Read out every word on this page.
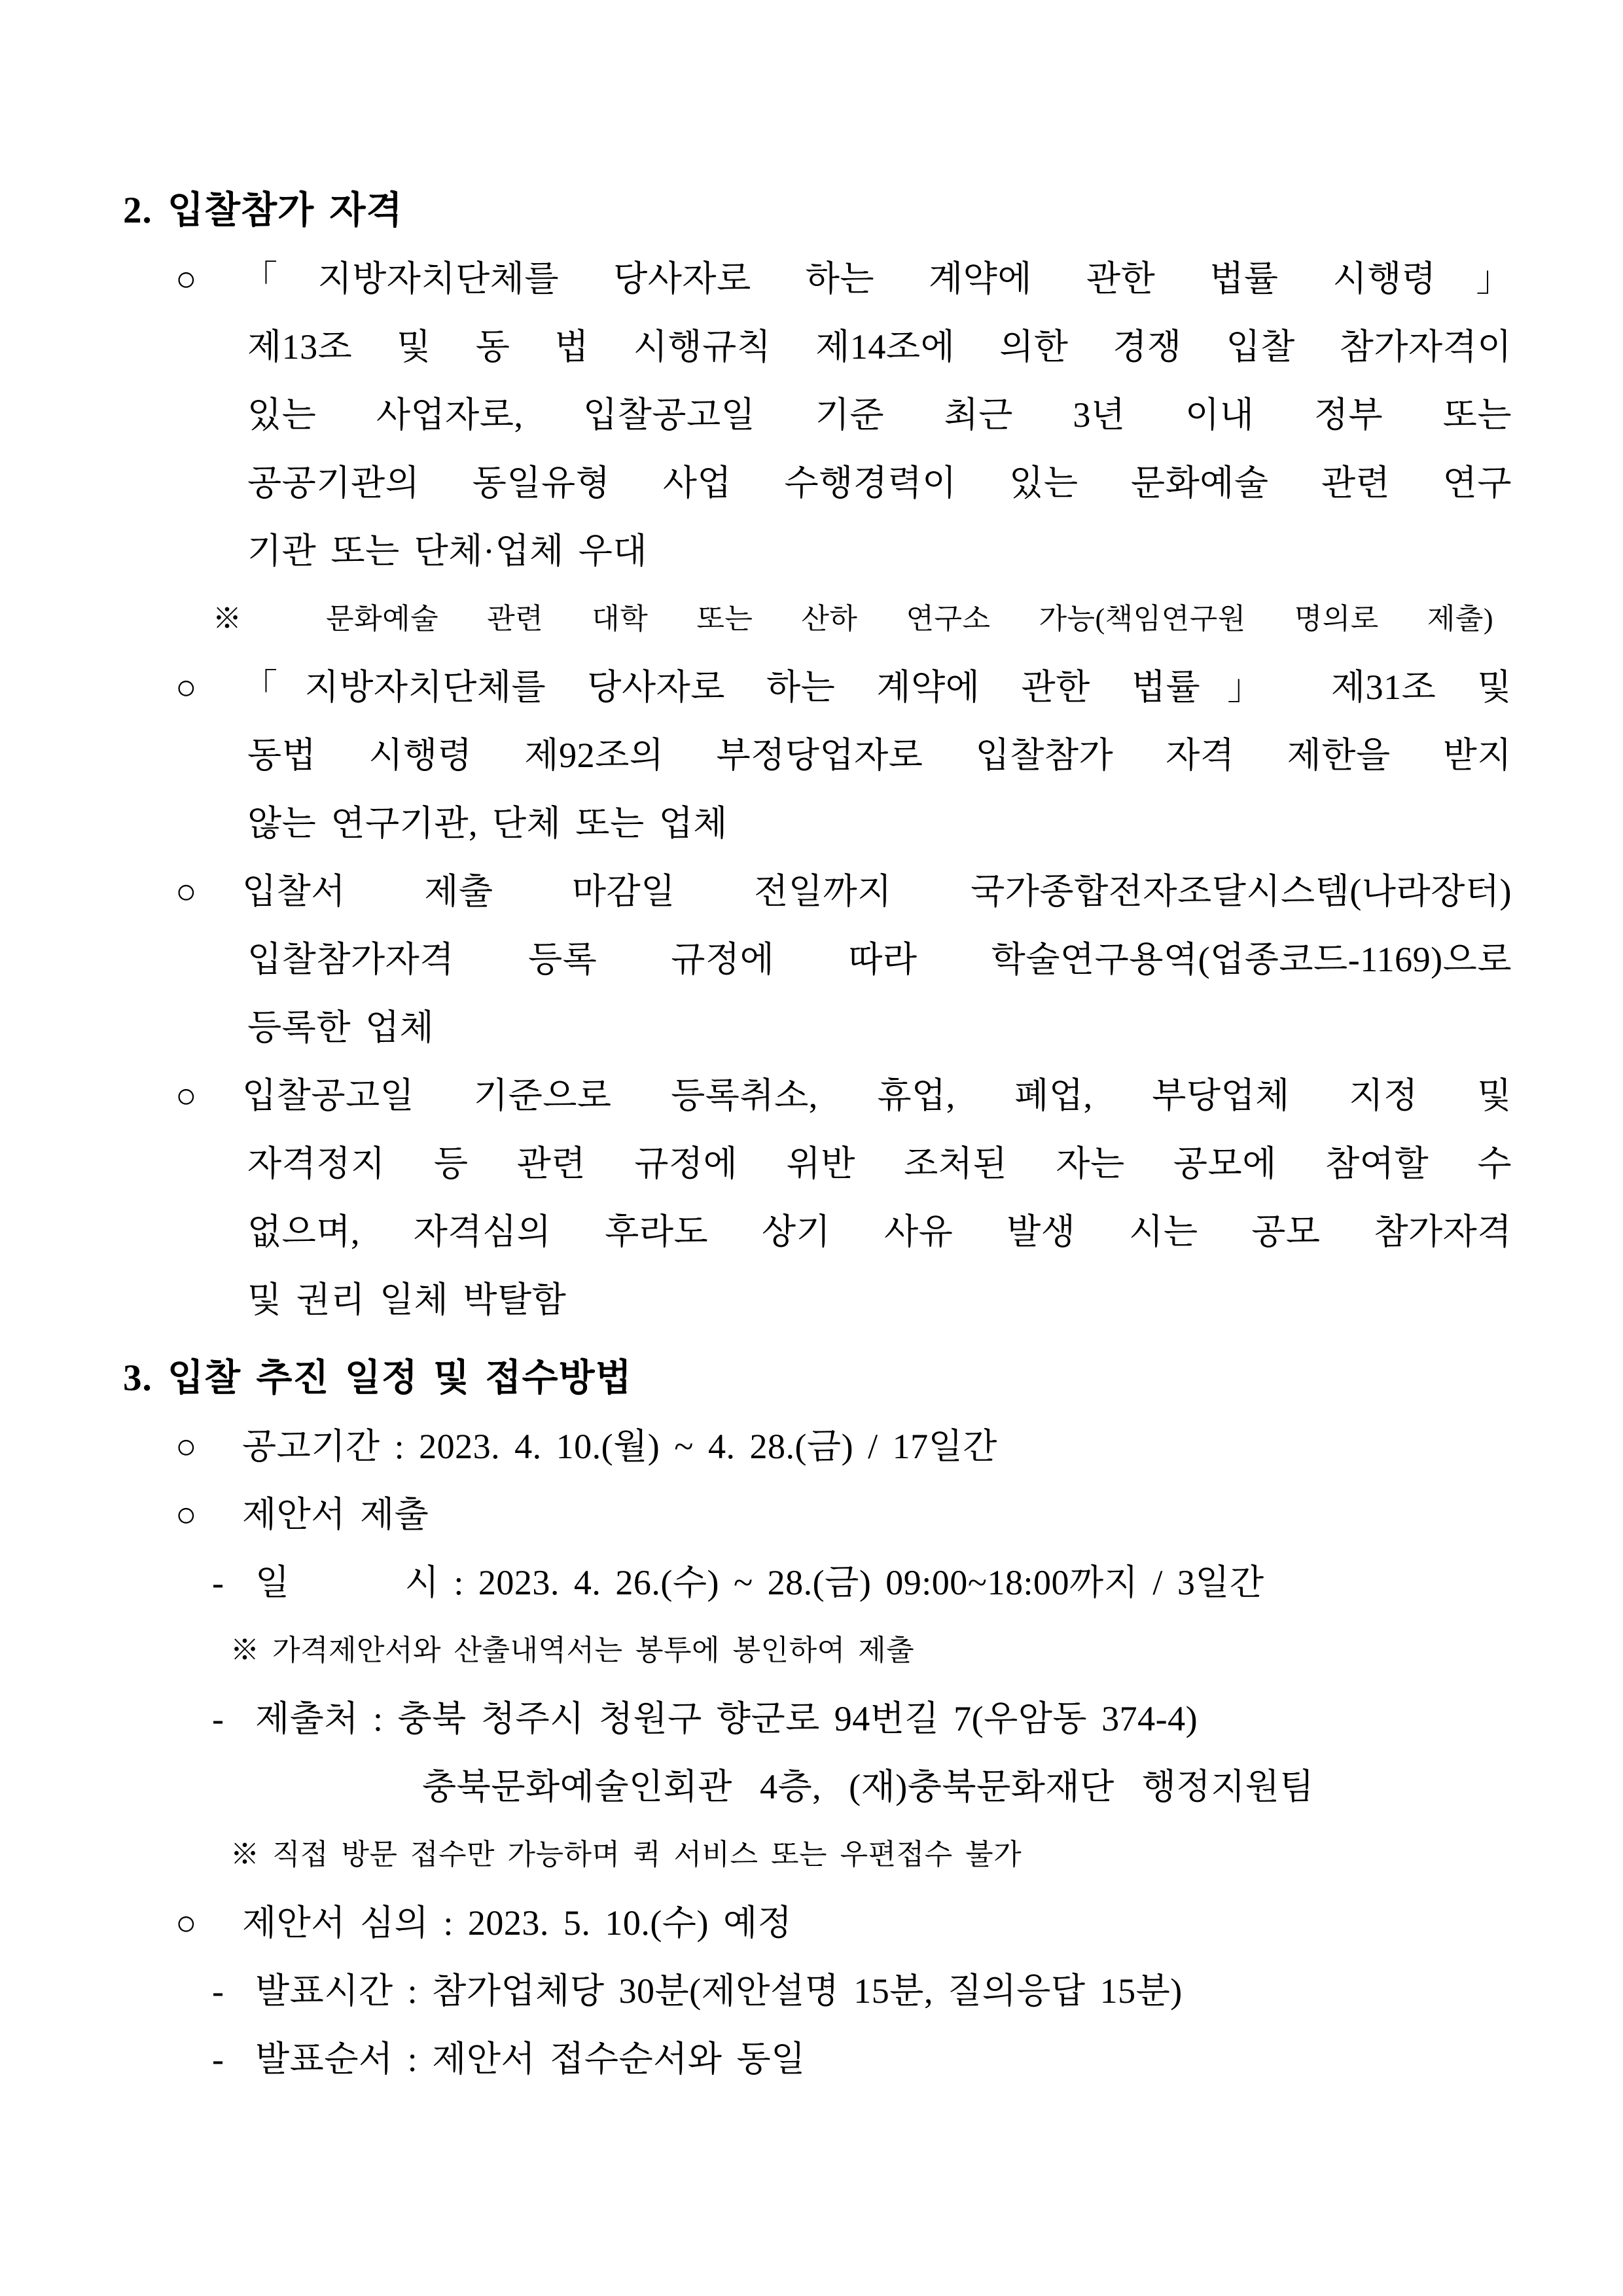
2. 입찰참가 자격
○ 「지방자치단체를 당사자로 하는 계약에 관한 법률 시행령」
제13조 및 동 법 시행규칙 제14조에 의한 경쟁 입찰 참가자격이
있는 사업자로, 입찰공고일 기준 최근 3년 이내 정부 또는
공공기관의 동일유형 사업 수행경력이 있는 문화예술 관련 연구
기관 또는 단체·업체 우대
※ 문화예술 관련 대학 또는 산하 연구소 가능(책임연구원 명의로 제출)
○ 「지방자치단체를 당사자로 하는 계약에 관한 법률」 제31조 및
동법 시행령 제92조의 부정당업자로 입찰참가 자격 제한을 받지
않는 연구기관, 단체 또는 업체
○ 입찰서 제출 마감일 전일까지 국가종합전자조달시스템(나라장터)
입찰참가자격 등록 규정에 따라 학술연구용역(업종코드-1169)으로
등록한 업체
○ 입찰공고일 기준으로 등록취소, 휴업, 폐업, 부당업체 지정 및
자격정지 등 관련 규정에 위반 조처된 자는 공모에 참여할 수
없으며, 자격심의 후라도 상기 사유 발생 시는 공모 참가자격
및 권리 일체 박탈함
3. 입찰 추진 일정 및 접수방법
○ 공고기간 : 2023. 4. 10.(월) ~ 4. 28.(금) / 17일간
○ 제안서 제출
- 일        시 : 2023. 4. 26.(수) ~ 28.(금) 09:00~18:00까지 / 3일간
※ 가격제안서와 산출내역서는 봉투에 봉인하여 제출
- 제출처 : 충북 청주시 청원구 향군로 94번길 7(우암동 374-4)
충북문화예술인회관 4층, (재)충북문화재단 행정지원팀
※ 직접 방문 접수만 가능하며 퀵 서비스 또는 우편접수 불가
○ 제안서 심의 : 2023. 5. 10.(수) 예정
- 발표시간 : 참가업체당 30분(제안설명 15분, 질의응답 15분)
- 발표순서 : 제안서 접수순서와 동일
